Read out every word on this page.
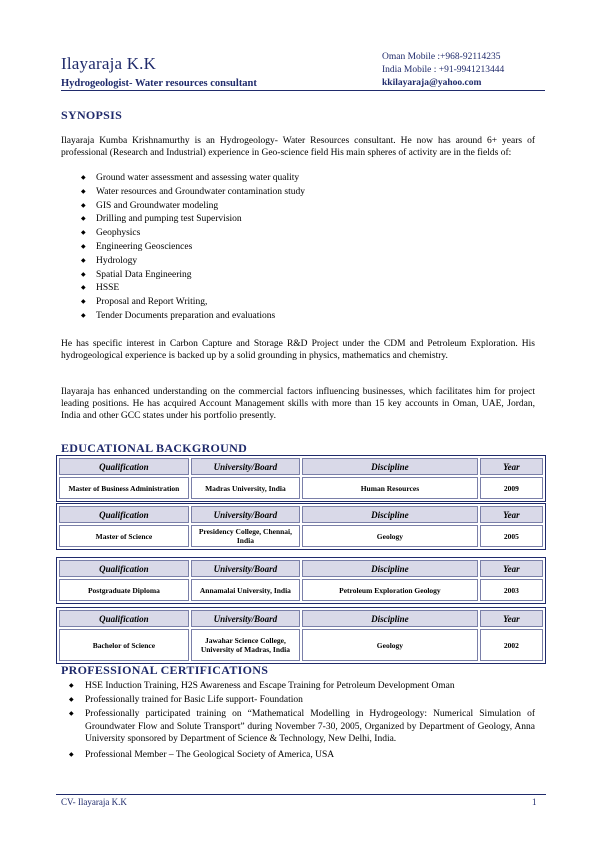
Ilayaraja K.K
Hydrogeologist- Water resources consultant
Oman Mobile :+968-92114235
India Mobile : +91-9941213444
kkilayaraja@yahoo.com
SYNOPSIS
Ilayaraja Kumba Krishnamurthy is an Hydrogeology- Water Resources consultant. He now has around 6+ years of professional (Research and Industrial) experience in Geo-science field His main spheres of activity are in the fields of:
◆ Ground water assessment and assessing water quality
◆ Water resources and Groundwater contamination study
◆ GIS and Groundwater modeling
◆ Drilling and pumping test Supervision
◆ Geophysics
◆ Engineering Geosciences
◆ Hydrology
◆ Spatial Data Engineering
◆ HSSE
◆ Proposal and Report Writing,
◆ Tender Documents preparation and evaluations
He has specific interest in Carbon Capture and Storage R&D Project under the CDM and Petroleum Exploration. His hydrogeological experience is backed up by a solid grounding in physics, mathematics and chemistry.
Ilayaraja has enhanced understanding on the commercial factors influencing businesses, which facilitates him for project leading positions. He has acquired Account Management skills with more than 15 key accounts in Oman, UAE, Jordan, India and other GCC states under his portfolio presently.
EDUCATIONAL BACKGROUND
Qualification	University/Board	Discipline	Year
Master of Business Administration	Madras University, India	Human Resources	2009
Qualification	University/Board	Discipline	Year
Master of Science	Presidency College, Chennai, India	Geology	2005
Qualification	University/Board	Discipline	Year
Postgraduate Diploma	Annamalai University, India	Petroleum Exploration Geology	2003
Qualification	University/Board	Discipline	Year
Bachelor of Science	Jawahar Science College, University of Madras, India	Geology	2002
PROFESSIONAL CERTIFICATIONS
◆ HSE Induction Training, H2S Awareness and Escape Training for Petroleum Development Oman
◆ Professionally trained for Basic Life support- Foundation
◆ Professionally participated training on “Mathematical Modelling in Hydrogeology: Numerical Simulation of Groundwater Flow and Solute Transport” during November 7-30, 2005, Organized by Department of Geology, Anna University sponsored by Department of Science & Technology, New Delhi, India.
◆ Professional Member – The Geological Society of America, USA
CV- Ilayaraja K.K	1
